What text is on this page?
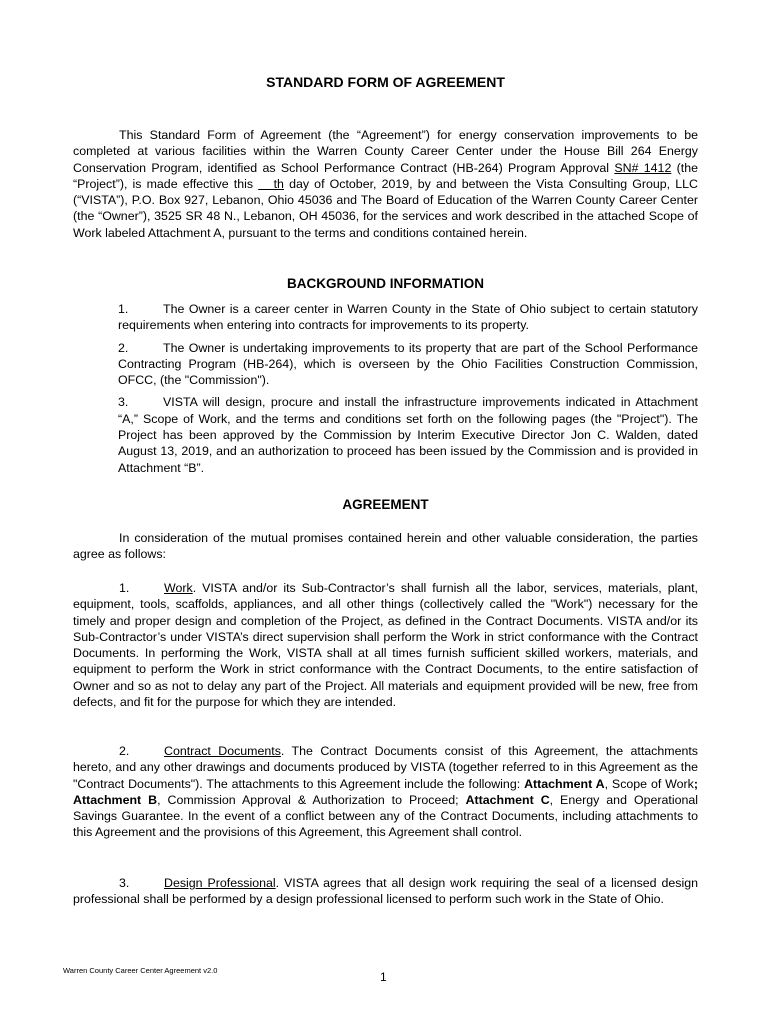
STANDARD FORM OF AGREEMENT

This Standard Form of Agreement (the “Agreement”) for energy conservation improvements to be completed at various facilities within the Warren County Career Center under the House Bill 264 Energy Conservation Program, identified as School Performance Contract (HB-264) Program Approval SN# 1412 (the “Project”), is made effective this    th day of October, 2019, by and between the Vista Consulting Group, LLC (“VISTA”), P.O. Box 927, Lebanon, Ohio 45036 and The Board of Education of the Warren County Career Center (the “Owner”), 3525 SR 48 N., Lebanon, OH 45036, for the services and work described in the attached Scope of Work labeled Attachment A, pursuant to the terms and conditions contained herein.

BACKGROUND INFORMATION

1.	The Owner is a career center in Warren County in the State of Ohio subject to certain statutory requirements when entering into contracts for improvements to its property.

2.	The Owner is undertaking improvements to its property that are part of the School Performance Contracting Program (HB-264), which is overseen by the Ohio Facilities Construction Commission, OFCC, (the "Commission").

3.	VISTA will design, procure and install the infrastructure improvements indicated in Attachment “A,” Scope of Work, and the terms and conditions set forth on the following pages (the "Project"). The Project has been approved by the Commission by Interim Executive Director Jon C. Walden, dated August 13, 2019, and an authorization to proceed has been issued by the Commission and is provided in Attachment “B”.

AGREEMENT

In consideration of the mutual promises contained herein and other valuable consideration, the parties agree as follows:

1.	Work. VISTA and/or its Sub-Contractor’s shall furnish all the labor, services, materials, plant, equipment, tools, scaffolds, appliances, and all other things (collectively called the "Work") necessary for the timely and proper design and completion of the Project, as defined in the Contract Documents. VISTA and/or its Sub-Contractor’s under VISTA’s direct supervision shall perform the Work in strict conformance with the Contract Documents. In performing the Work, VISTA shall at all times furnish sufficient skilled workers, materials, and equipment to perform the Work in strict conformance with the Contract Documents, to the entire satisfaction of Owner and so as not to delay any part of the Project. All materials and equipment provided will be new, free from defects, and fit for the purpose for which they are intended.

2.	Contract Documents. The Contract Documents consist of this Agreement, the attachments hereto, and any other drawings and documents produced by VISTA (together referred to in this Agreement as the "Contract Documents"). The attachments to this Agreement include the following: Attachment A, Scope of Work; Attachment B, Commission Approval & Authorization to Proceed; Attachment C, Energy and Operational Savings Guarantee. In the event of a conflict between any of the Contract Documents, including attachments to this Agreement and the provisions of this Agreement, this Agreement shall control.

3.	Design Professional. VISTA agrees that all design work requiring the seal of a licensed design professional shall be performed by a design professional licensed to perform such work in the State of Ohio.

Warren County Career Center Agreement v2.0	1
